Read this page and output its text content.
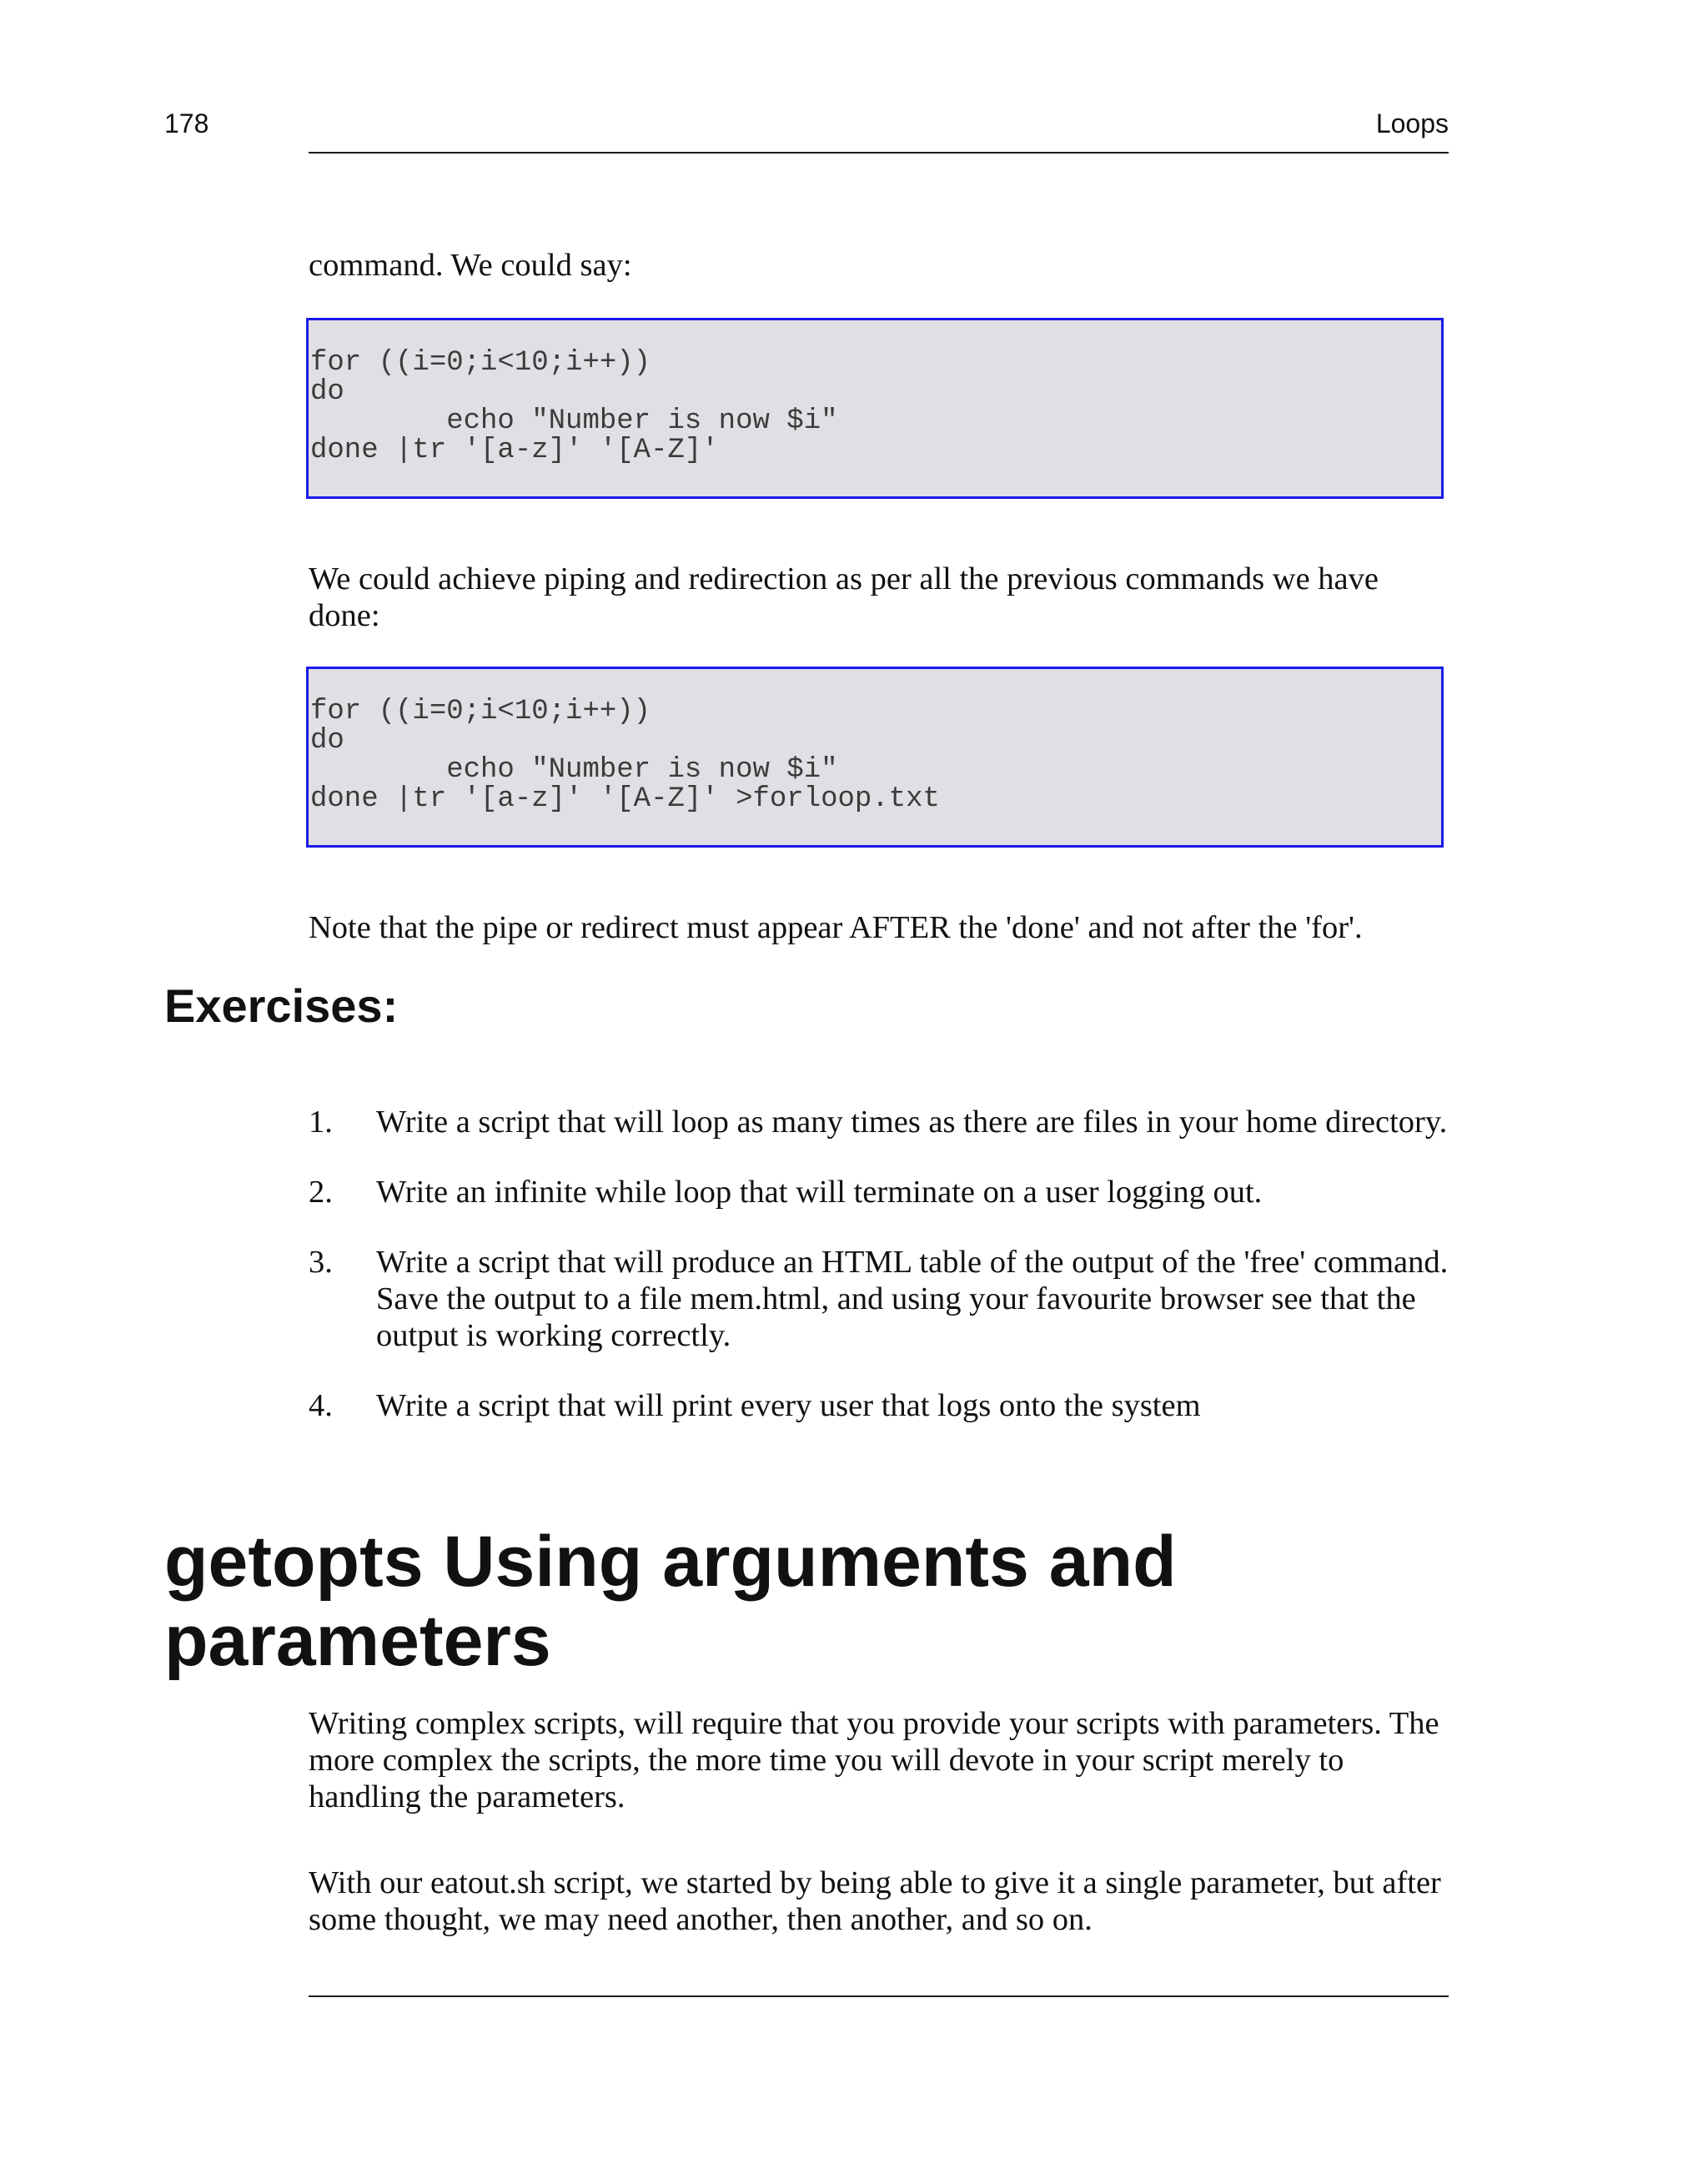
178	Loops

command. We could say:

for ((i=0;i<10;i++))
do
echo "Number is now $i"
done |tr '[a-z]' '[A-Z]'

We could achieve piping and redirection as per all the previous commands we have done:

for ((i=0;i<10;i++))
do
echo "Number is now $i"
done |tr '[a-z]' '[A-Z]' >forloop.txt

Note that the pipe or redirect must appear AFTER the 'done' and not after the 'for'.

Exercises:
1. Write a script that will loop as many times as there are files in your home directory.
2. Write an infinite while loop that will terminate on a user logging out.
3. Write a script that will produce an HTML table of the output of the 'free' command. Save the output to a file mem.html, and using your favourite browser see that the output is working correctly.
4. Write a script that will print every user that logs onto the system
getopts Using arguments and parameters

Writing complex scripts, will require that you provide your scripts with parameters. The more complex the scripts, the more time you will devote in your script merely to handling the parameters.

With our eatout.sh script, we started by being able to give it a single parameter, but after some thought, we may need another, then another, and so on.
